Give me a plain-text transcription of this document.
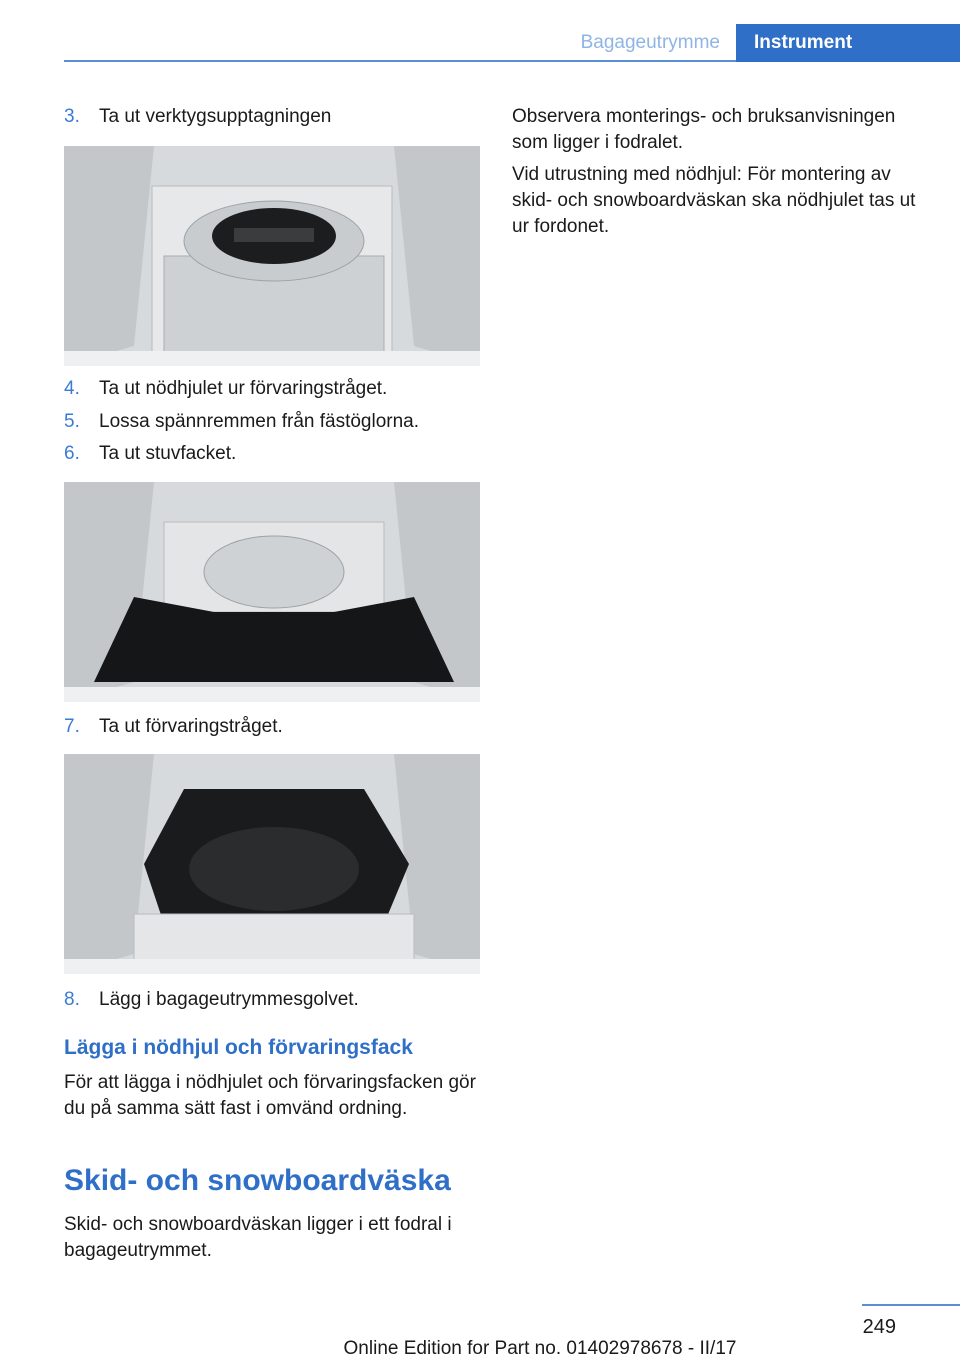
Bagageutrymme	Instrument
3. Ta ut verktygsupptagningen
4. Ta ut nödhjulet ur förvaringstråget.
5. Lossa spännremmen från fästöglorna.
6. Ta ut stuvfacket.
7. Ta ut förvaringstråget.
8. Lägg i bagageutrymmesgolvet.
Lägga i nödhjul och förvaringsfack

För att lägga i nödhjulet och förvaringsfacken gör du på samma sätt fast i omvänd ordning.

Skid- och snowboardväska

Skid- och snowboardväskan ligger i ett fodral i bagageutrymmet.

Observera monterings- och bruksanvisningen som ligger i fodralet.

Vid utrustning med nödhjul: För montering av skid- och snowboardväskan ska nödhjulet tas ut ur fordonet.

249
Online Edition for Part no. 01402978678 - II/17
